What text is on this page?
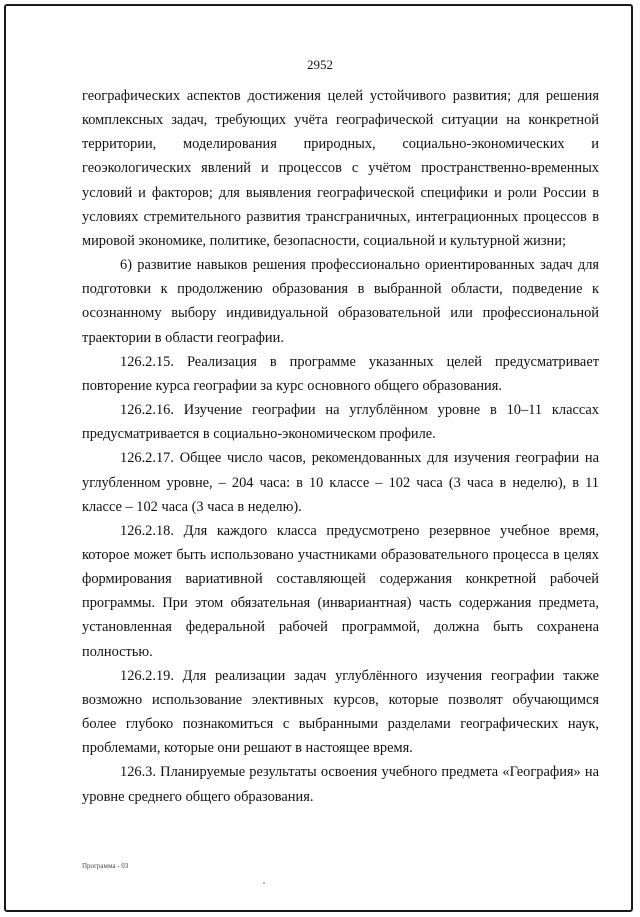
2952

географических аспектов достижения целей устойчивого развития; для решения комплексных задач, требующих учёта географической ситуации на конкретной территории, моделирования природных, социально-экономических и геоэкологических явлений и процессов с учётом пространственно-временных условий и факторов; для выявления географической специфики и роли России в условиях стремительного развития трансграничных, интеграционных процессов в мировой экономике, политике, безопасности, социальной и культурной жизни;

6) развитие навыков решения профессионально ориентированных задач для подготовки к продолжению образования в выбранной области, подведение к осознанному выбору индивидуальной образовательной или профессиональной траектории в области географии.

126.2.15. Реализация в программе указанных целей предусматривает повторение курса географии за курс основного общего образования.

126.2.16. Изучение географии на углублённом уровне в 10–11 классах предусматривается в социально-экономическом профиле.

126.2.17. Общее число часов, рекомендованных для изучения географии на углубленном уровне, – 204 часа: в 10 классе – 102 часа (3 часа в неделю), в 11 классе – 102 часа (3 часа в неделю).

126.2.18. Для каждого класса предусмотрено резервное учебное время, которое может быть использовано участниками образовательного процесса в целях формирования вариативной составляющей содержания конкретной рабочей программы. При этом обязательная (инвариантная) часть содержания предмета, установленная федеральной рабочей программой, должна быть сохранена полностью.

126.2.19. Для реализации задач углублённого изучения географии также возможно использование элективных курсов, которые позволят обучающимся более глубоко познакомиться с выбранными разделами географических наук, проблемами, которые они решают в настоящее время.

126.3. Планируемые результаты освоения учебного предмета «География» на уровне среднего общего образования.

Программа - 03
